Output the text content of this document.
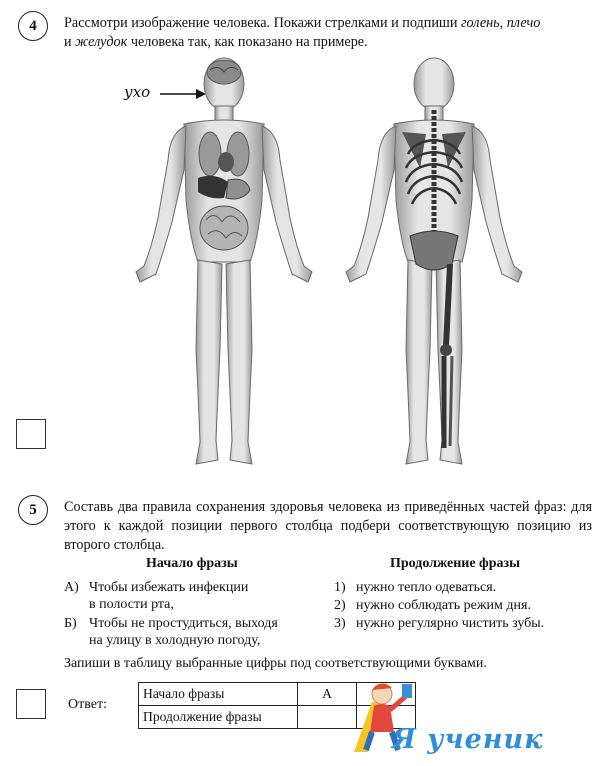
4	Рассмотри изображение человека. Покажи стрелками и подпиши голень, плечо
и желудок человека так, как показано на примере.
ухо
5	Составь два правила сохранения здоровья человека из приведённых частей фраз: для этого к каждой позиции первого столбца подбери соответствующую позицию из второго столбца.
Начало фразы	Продолжение фразы
А) Чтобы избежать инфекции
в полости рта,
Б) Чтобы не простудиться, выходя
на улицу в холодную погоду,
1) нужно тепло одеваться.
2) нужно соблюдать режим дня.
3) нужно регулярно чистить зубы.
Запиши в таблицу выбранные цифры под соответствующими буквами.
Ответ:
Начало фразы	А	
Продолжение фразы		
Я ученик
